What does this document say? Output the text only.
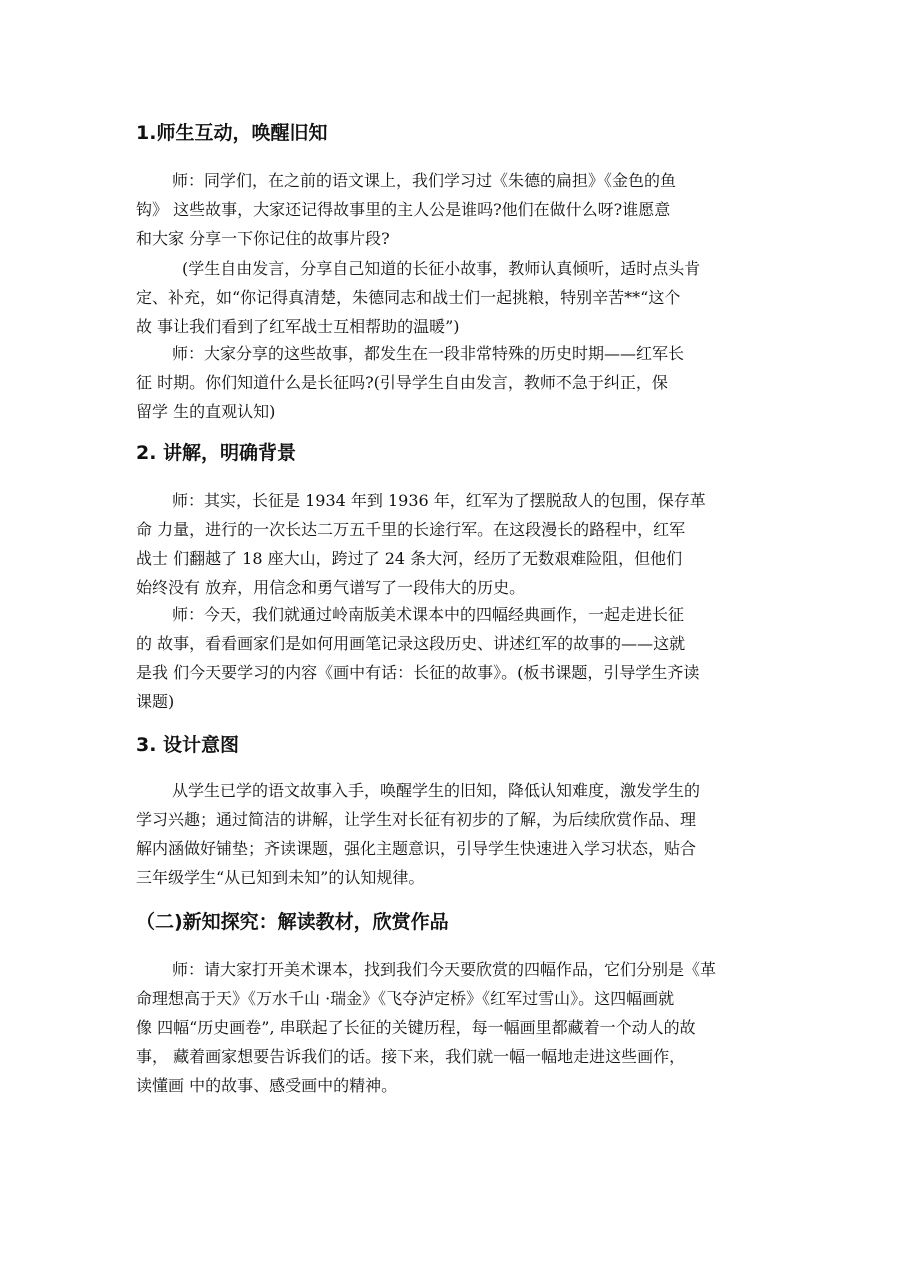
1.师生互动，唤醒旧知

师：同学们，在之前的语文课上，我们学习过《朱德的扁担》《金色的鱼
钩》 这些故事，大家还记得故事里的主人公是谁吗?他们在做什么呀?谁愿意
和大家 分享一下你记住的故事片段?

(学生自由发言，分享自己知道的长征小故事，教师认真倾听，适时点头肯
定、补充，如“你记得真清楚，朱德同志和战士们一起挑粮，特别辛苦**“这个
故 事让我们看到了红军战士互相帮助的温暖”)

师：大家分享的这些故事，都发生在一段非常特殊的历史时期——红军长
征 时期。你们知道什么是长征吗?(引导学生自由发言，教师不急于纠正，保
留学 生的直观认知)

2. 讲解，明确背景

师：其实，长征是 1934 年到 1936 年，红军为了摆脱敌人的包围，保存革
命 力量，进行的一次长达二万五千里的长途行军。在这段漫长的路程中，红军
战士 们翻越了 18 座大山，跨过了 24 条大河，经历了无数艰难险阻，但他们
始终没有 放弃，用信念和勇气谱写了一段伟大的历史。

师：今天，我们就通过岭南版美术课本中的四幅经典画作，一起走进长征
的 故事，看看画家们是如何用画笔记录这段历史、讲述红军的故事的——这就
是我 们今天要学习的内容《画中有话：长征的故事》。(板书课题，引导学生齐读
课题)

3. 设计意图

从学生已学的语文故事入手，唤醒学生的旧知，降低认知难度，激发学生的
学习兴趣；通过简洁的讲解，让学生对长征有初步的了解，为后续欣赏作品、理
解内涵做好铺垫；齐读课题，强化主题意识，引导学生快速进入学习状态，贴合
三年级学生“从已知到未知”的认知规律。

（二)新知探究：解读教材，欣赏作品

师：请大家打开美术课本，找到我们今天要欣赏的四幅作品，它们分别是《革
命理想高于天》《万水千山 ·瑞金》《飞夺泸定桥》《红军过雪山》。这四幅画就
像 四幅“历史画卷”, 串联起了长征的关键历程，每一幅画里都藏着一个动人的故
事， 藏着画家想要告诉我们的话。接下来，我们就一幅一幅地走进这些画作，
读懂画 中的故事、感受画中的精神。
